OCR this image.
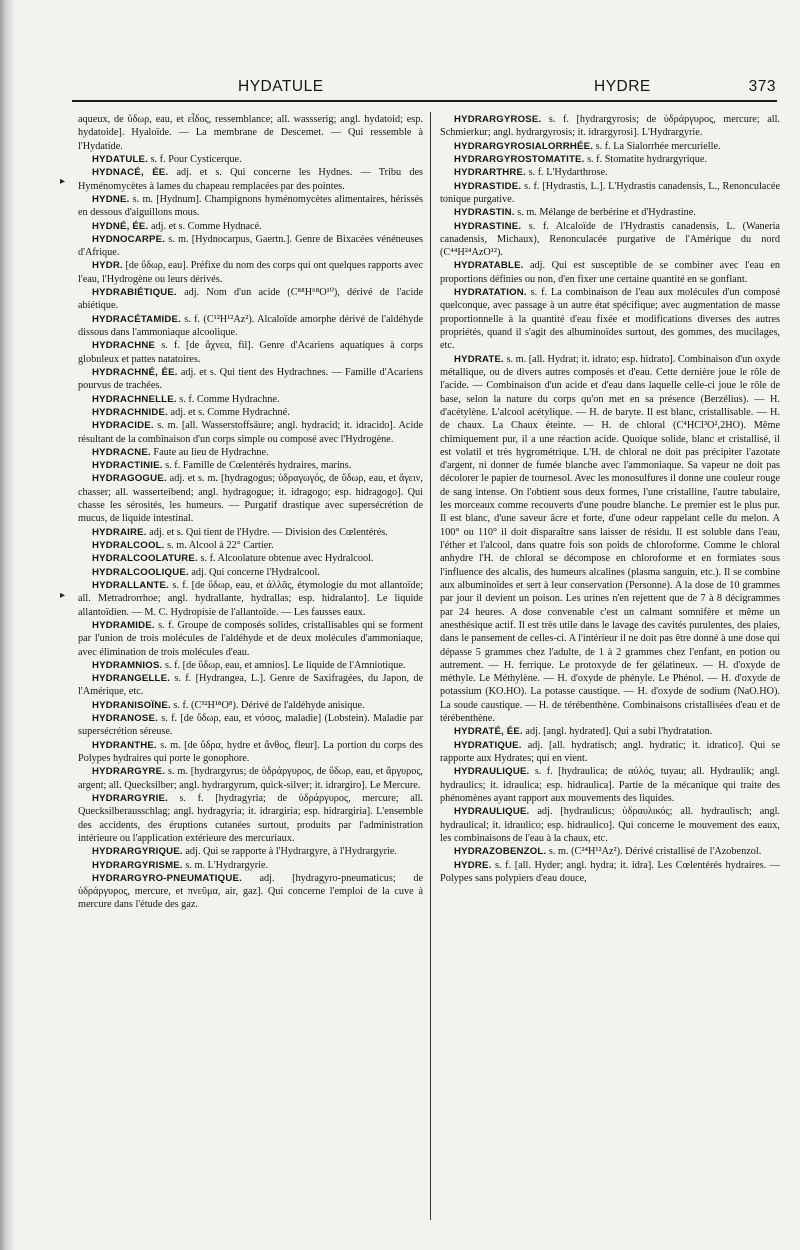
HYDATULE	HYDRE	373
▸
▸

aqueux, de ὕδωρ, eau, et εἶδος, ressemblance; all. wassserig; angl. hydatoid; esp. hydatoide]. Hyaloïde. — La membrane de Descemet. — Qui ressemble à l'Hydatide.

HYDATULE. s. f. Pour Cysticerque.

HYDNACÉ, ÉE. adj. et s. Qui concerne les Hydnes. — Tribu des Hyménomycètes à lames du chapeau remplacées par des pointes.

HYDNE. s. m. [Hydnum]. Champignons hyménomycètes alimentaires, hérissés en dessous d'aiguillons mous.

HYDNÉ, ÉE. adj. et s. Comme Hydnacé.

HYDNOCARPE. s. m. [Hydnocarpus, Gaertn.]. Genre de Bixacées vénéneuses d'Afrique.

HYDR. [de ὕδωρ, eau]. Préfixe du nom des corps qui ont quelques rapports avec l'eau, l'Hydrogène ou leurs dérivés.

HYDRABIÉTIQUE. adj. Nom d'un acide (C⁸⁸H⁶⁸O¹⁰), dérivé de l'acide abiétique.

HYDRACÉTAMIDE. s. f. (C¹²H¹²Az²). Alcaloïde amorphe dérivé de l'aldéhyde dissous dans l'ammoniaque alcoolique.

HYDRACHNE s. f. [de ἄχνεα, fil]. Genre d'Acariens aquatiques à corps globuleux et pattes natatoires.

HYDRACHNÉ, ÉE. adj. et s. Qui tient des Hydrachnes. — Famille d'Acariens pourvus de trachées.

HYDRACHNELLE. s. f. Comme Hydrachne.

HYDRACHNIDE. adj. et s. Comme Hydrachné.

HYDRACIDE. s. m. [all. Wasserstoffsäure; angl. hydracid; it. idracido]. Acide résultant de la combinaison d'un corps simple ou composé avec l'Hydrogène.

HYDRACNE. Faute au lieu de Hydrachne.

HYDRACTINIE. s. f. Famille de Cœlentérés hydraires, marins.

HYDRAGOGUE. adj. et s. m. [hydragogus; ὑδραγωγός, de ὕδωρ, eau, et ἄγειν, chasser; all. wasserteibend; angl. hydragogue; it. idragogo; esp. hidragogo]. Qui chasse les sérosités, les humeurs. — Purgatif drastique avec supersécrétion de mucus, de liquide intestinal.

HYDRAIRE. adj. et s. Qui tient de l'Hydre. — Division des Cœlentérés.

HYDRALCOOL. s. m. Alcool à 22° Cartier.

HYDRALCOOLATURE. s. f. Alcoolature obtenue avec Hydralcool.

HYDRALCOOLIQUE. adj. Qui concerne l'Hydralcool.

HYDRALLANTE. s. f. [de ὕδωρ, eau, et ἀλλᾶς, étymologie du mot allantoïde; all. Metradrorrhoe; angl. hydrallante, hydrallas; esp. hidralanto]. Le liquide allantoïdien. — M. C. Hydropisie de l'allantoïde. — Les fausses eaux.

HYDRAMIDE. s. f. Groupe de composés solides, cristallisables qui se forment par l'union de trois molécules de l'aldéhyde et de deux molécules d'ammoniaque, avec élimination de trois molécules d'eau.

HYDRAMNIOS. s. f. [de ὕδωρ, eau, et amnios]. Le liquide de l'Amniotique.

HYDRANGELLE. s. f. [Hydrangea, L.]. Genre de Saxifragées, du Japon, de l'Amérique, etc.

HYDRANISOÏNE. s. f. (C³²H¹⁸O⁸). Dérivé de l'aldéhyde anisique.

HYDRANOSE. s. f. [de ὕδωρ, eau, et νόσος, maladie] (Lobstein). Maladie par supersécrétion séreuse.

HYDRANTHE. s. m. [de ὕδρα, hydre et ἄνθος, fleur]. La portion du corps des Polypes hydraires qui porte le gonophore.

HYDRARGYRE. s. m. [hydrargyrus; de ὑδράργυρος, de ὕδωρ, eau, et ἄργυρος, argent; all. Quecksilber; angl. hydrargyrum, quick-silver; it. idrargiro]. Le Mercure.

HYDRARGYRIE. s. f. [hydragyria; de ὑδράργυρος, mercure; all. Quecksilberausschlag; angl. hydragyria; it. idrargiria; esp. hidrargiria]. L'ensemble des accidents, des éruptions cutanées surtout, produits par l'administration intérieure ou l'application extérieure des mercuriaux.

HYDRARGYRIQUE. adj. Qui se rapporte à l'Hydrargyre, à l'Hydrargyrie.

HYDRARGYRISME. s. m. L'Hydrargyrie.

HYDRARGYRO-PNEUMATIQUE. adj. [hydragyro-pneumaticus; de ὑδράργυρος, mercure, et πνεῦμα, air, gaz]. Qui concerne l'emploi de la cuve à mercure dans l'étude des gaz.

HYDRARGYROSE. s. f. [hydrargyrosis; de ὑδράργυρος, mercure; all. Schmierkur; angl. hydrargyrosis; it. idrargyrosi]. L'Hydrargyrie.

HYDRARGYROSIALORRHÉE. s. f. La Sialorrhée mercurielle.

HYDRARGYROSTOMATITE. s. f. Stomatite hydrargyrique.

HYDRARTHRE. s. f. L'Hydarthrose.

HYDRASTIDE. s. f. [Hydrastis, L.]. L'Hydrastis canadensis, L., Renonculacée tonique purgative.

HYDRASTIN. s. m. Mélange de berbérine et d'Hydrastine.

HYDRASTINE. s. f. Alcaloïde de l'Hydrastis canadensis, L. (Waneria canadensis, Michaux), Renonculacée purgative de l'Amérique du nord (C⁴⁴H²⁴AzO¹²).

HYDRATABLE. adj. Qui est susceptible de se combiner avec l'eau en proportions définies ou non, d'en fixer une certaine quantité en se gonflant.

HYDRATATION. s. f. La combinaison de l'eau aux molécules d'un composé quelconque, avec passage à un autre état spécifique; avec augmentation de masse proportionnelle à la quantité d'eau fixée et modifications diverses des autres propriétés, quand il s'agit des albuminoïdes surtout, des gommes, des mucilages, etc.

HYDRATE. s. m. [all. Hydrat; it. idrato; esp. hidrato]. Combinaison d'un oxyde métallique, ou de divers autres composés et d'eau. Cette dernière joue le rôle de l'acide. — Combinaison d'un acide et d'eau dans laquelle celle-ci joue le rôle de base, selon la nature du corps qu'on met en sa présence (Berzélius). — H. d'acétylène. L'alcool acétylique. — H. de baryte. Il est blanc, cristallisable. — H. de chaux. La Chaux éteinte. — H. de chloral (C⁴HCl³O²,2HO). Même chimiquement pur, il a une réaction acide. Quoique solide, blanc et cristallisé, il est volatil et très hygrométrique. L'H. de chloral ne doit pas précipiter l'azotate d'argent, ni donner de fumée blanche avec l'ammoniaque. Sa vapeur ne doit pas décolorer le papier de tournesol. Avec les monosulfures il donne une couleur rouge de sang intense. On l'obtient sous deux formes, l'une cristalline, l'autre tabulaire, les morceaux comme recouverts d'une poudre blanche. Le premier est le plus pur. Il est blanc, d'une saveur âcre et forte, d'une odeur rappelant celle du melon. A 100° ou 110° il doit disparaître sans laisser de résidu. Il est soluble dans l'eau, l'éther et l'alcool, dans quatre fois son poids de chloroforme. Comme le chloral anhydre l'H. de chloral se décompose en chloroforme et en formiates sous l'influence des alcalis, des humeurs alcalines (plasma sanguin, etc.). Il se combine aux albuminoïdes et sert à leur conservation (Personne). A la dose de 10 grammes par jour il devient un poison. Les urines n'en rejettent que de 7 à 8 décigrammes par 24 heures. A dose convenable c'est un calmant somnifère et même un anesthésique actif. Il est très utile dans le lavage des cavités purulentes, des plaies, dans le pansement de celles-ci. A l'intérieur il ne doit pas être donné à une dose qui dépasse 5 grammes chez l'adulte, de 1 à 2 grammes chez l'enfant, en potion ou autrement. — H. ferrique. Le protoxyde de fer gélatineux. — H. d'oxyde de méthyle. Le Méthylène. — H. d'oxyde de phényle. Le Phénol. — H. d'oxyde de potassium (KO.HO). La potasse caustique. — H. d'oxyde de sodium (NaO.HO). La soude caustique. — H. de térébenthène. Combinaisons cristallisées d'eau et de térébenthène.

HYDRATÉ, ÉE. adj. [angl. hydrated]. Qui a subi l'hydratation.

HYDRATIQUE. adj. [all. hydratisch; angl. hydratic; it. idratico]. Qui se rapporte aux Hydrates; qui en vient.

HYDRAULIQUE. s. f. [hydraulica; de αὐλός, tuyau; all. Hydraulik; angl. hydraulics; it. idraulica; esp. hidraulica]. Partie de la mécanique qui traite des phénomènes ayant rapport aux mouvements des liquides.

HYDRAULIQUE. adj. [hydraulicus; ὑδραυλικός; all. hydraulisch; angl. hydraulical; it. idraulico; esp. hidraulico]. Qui concerne le mouvement des eaux, les combinaisons de l'eau à la chaux, etc.

HYDRAZOBENZOL. s. m. (C²⁴H¹²Az²). Dérivé cristallisé de l'Azobenzol.

HYDRE. s. f. [all. Hyder; angl. hydra; it. idra]. Les Cœlentérés hydraires. — Polypes sans polypiers d'eau douce,
